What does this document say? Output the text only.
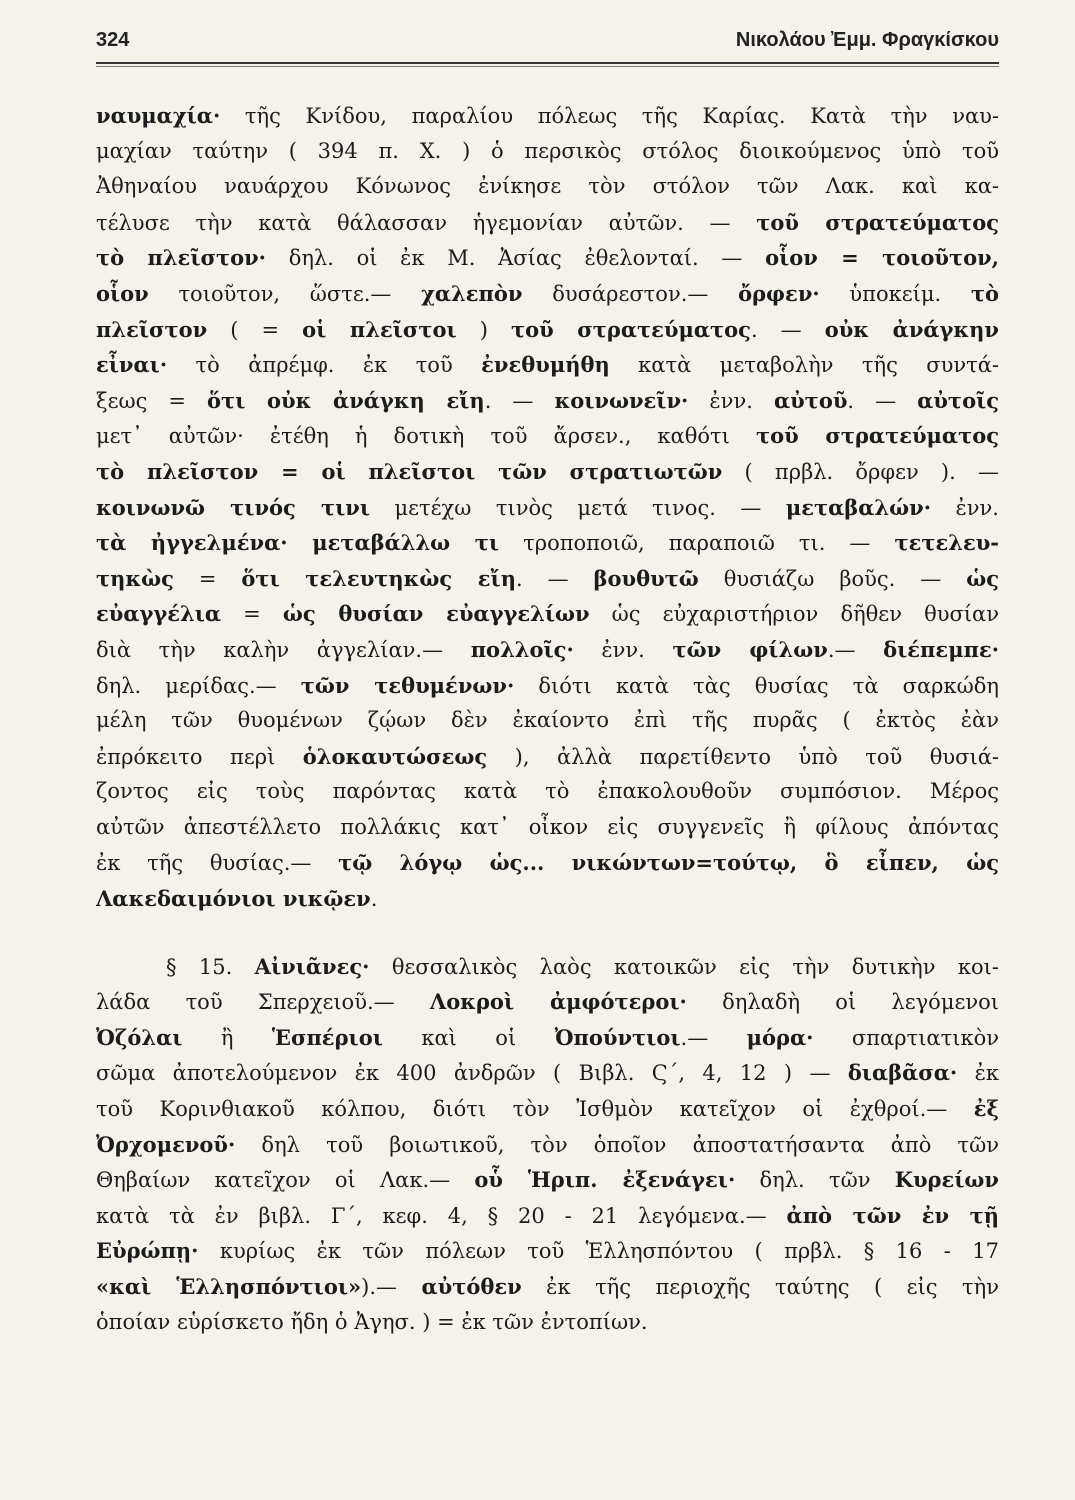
324	Νικολάου Ἐμμ. Φραγκίσκου
ναυμαχία· τῆς Κνίδου, παραλίου πόλεως τῆς Καρίας. Κατὰ τὴν ναυ-
μαχίαν ταύτην ( 394 π. Χ. ) ὁ περσικὸς στόλος διοικούμενος ὑπὸ τοῦ
Ἀθηναίου ναυάρχου Κόνωνος ἐνίκησε τὸν στόλον τῶν Λακ. καὶ κα-
τέλυσε τὴν κατὰ θάλασσαν ἡγεμονίαν αὐτῶν. — τοῦ στρατεύματος
τὸ πλεῖστον· δηλ. οἱ ἐκ Μ. Ἀσίας ἐθελονταί. — οἷον = τοιοῦτον,
οἷον τοιοῦτον, ὥστε.— χαλεπὸν δυσάρεστον.— ὄρφεν· ὑποκείμ. τὸ
πλεῖστον ( = οἱ πλεῖστοι ) τοῦ στρατεύματος. — οὐκ ἀνάγκην
εἶναι· τὸ ἀπρέμφ. ἐκ τοῦ ἐνεθυμήθη κατὰ μεταβολὴν τῆς συντά-
ξεως = ὅτι οὐκ ἀνάγκη εἴη. — κοινωνεῖν· ἐνν. αὐτοῦ. — αὐτοῖς
μετ᾽ αὐτῶν· ἐτέθη ἡ δοτικὴ τοῦ ἄρσεν., καθότι τοῦ στρατεύματος
τὸ πλεῖστον = οἱ πλεῖστοι τῶν στρατιωτῶν ( πρβλ. ὄρφεν ). —
κοινωνῶ τινός τινι μετέχω τινὸς μετά τινος. — μεταβαλών· ἐνν.
τὰ ἠγγελμένα· μεταβάλλω τι τροποποιῶ, παραποιῶ τι. — τετελευ-
τηκὼς = ὅτι τελευτηκὼς εἴη. — βουθυτῶ θυσιάζω βοῦς. — ὡς
εὐαγγέλια = ὡς θυσίαν εὐαγγελίων ὡς εὐχαριστήριον δῆθεν θυσίαν
διὰ τὴν καλὴν ἀγγελίαν.— πολλοῖς· ἐνν. τῶν φίλων.— διέπεμπε·
δηλ. μερίδας.— τῶν τεθυμένων· διότι κατὰ τὰς θυσίας τὰ σαρκώδη
μέλη τῶν θυομένων ζῴων δὲν ἐκαίοντο ἐπὶ τῆς πυρᾶς ( ἐκτὸς ἐὰν
ἐπρόκειτο περὶ ὁλοκαυτώσεως ), ἀλλὰ παρετίθεντο ὑπὸ τοῦ θυσιά-
ζοντος εἰς τοὺς παρόντας κατὰ τὸ ἐπακολουθοῦν συμπόσιον. Μέρος
αὐτῶν ἀπεστέλλετο πολλάκις κατ᾽ οἶκον εἰς συγγενεῖς ἢ φίλους ἀπόντας
ἐκ τῆς θυσίας.— τῷ λόγῳ ὡς... νικώντων=τούτῳ, ὃ εἶπεν, ὡς
Λακεδαιμόνιοι νικῷεν.
§ 15. Αἰνιᾶνες· θεσσαλικὸς λαὸς κατοικῶν εἰς τὴν δυτικὴν κοι-
λάδα τοῦ Σπερχειοῦ.— Λοκροὶ ἀμφότεροι· δηλαδὴ οἱ λεγόμενοι
Ὀζόλαι ἢ Ἑσπέριοι καὶ οἱ Ὀπούντιοι.— μόρα· σπαρτιατικὸν
σῶμα ἀποτελούμενον ἐκ 400 ἀνδρῶν ( Βιβλ. Ϛ΄, 4, 12 ) — διαβᾶσα· ἐκ
τοῦ Κορινθιακοῦ κόλπου, διότι τὸν Ἰσθμὸν κατεῖχον οἱ ἐχθροί.— ἐξ
Ὀρχομενοῦ· δηλ τοῦ βοιωτικοῦ, τὸν ὁποῖον ἀποστατήσαντα ἀπὸ τῶν
Θηβαίων κατεῖχον οἱ Λακ.— οὗ Ἡριπ. ἐξενάγει· δηλ. τῶν Κυρείων
κατὰ τὰ ἐν βιβλ. Γ΄, κεφ. 4, § 20 - 21 λεγόμενα.— ἀπὸ τῶν ἐν τῇ
Εὐρώπῃ· κυρίως ἐκ τῶν πόλεων τοῦ Ἑλλησπόντου ( πρβλ. § 16 - 17
«καὶ Ἑλλησπόντιοι»).— αὐτόθεν ἐκ τῆς περιοχῆς ταύτης ( εἰς τὴν
ὁποίαν εὑρίσκετο ἤδη ὁ Ἀγησ. ) = ἐκ τῶν ἐντοπίων.
